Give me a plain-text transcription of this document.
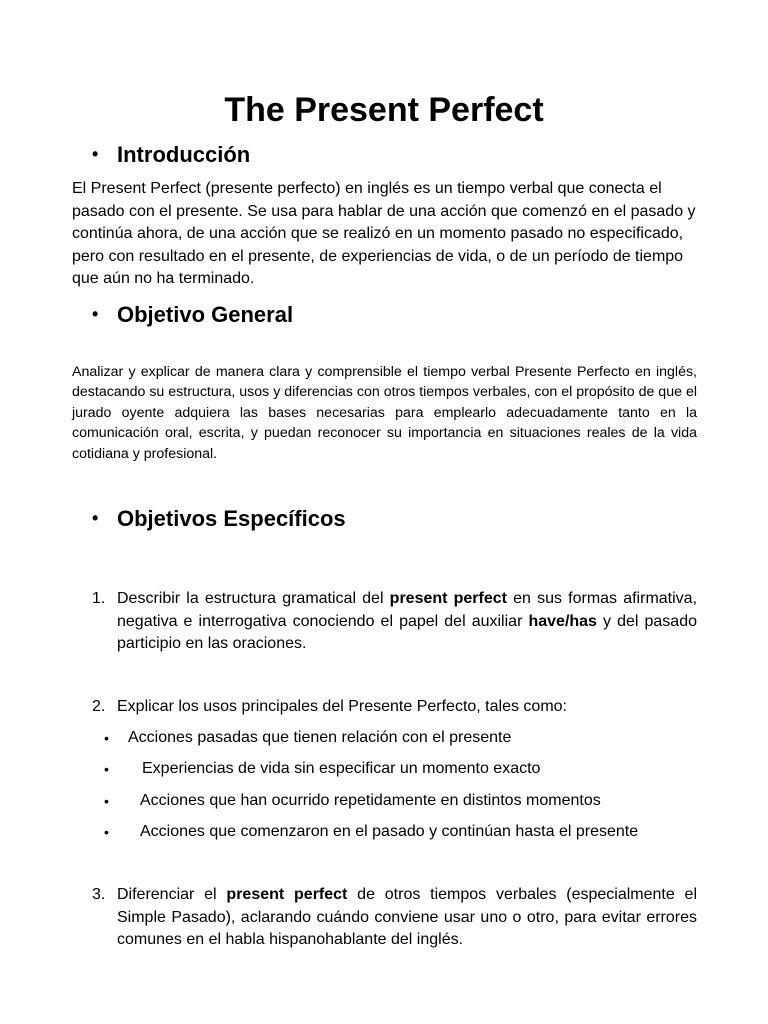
The Present Perfect
• Introducción
El Present Perfect (presente perfecto) en inglés es un tiempo verbal que conecta el pasado con el presente. Se usa para hablar de una acción que comenzó en el pasado y continúa ahora, de una acción que se realizó en un momento pasado no especificado, pero con resultado en el presente, de experiencias de vida, o de un período de tiempo que aún no ha terminado.
• Objetivo General
Analizar y explicar de manera clara y comprensible el tiempo verbal Presente Perfecto en inglés, destacando su estructura, usos y diferencias con otros tiempos verbales, con el propósito de que el jurado oyente adquiera las bases necesarias para emplearlo adecuadamente tanto en la comunicación oral, escrita, y puedan reconocer su importancia en situaciones reales de la vida cotidiana y profesional.
• Objetivos Específicos
1. Describir la estructura gramatical del present perfect en sus formas afirmativa, negativa e interrogativa conociendo el papel del auxiliar have/has y del pasado participio en las oraciones.
2. Explicar los usos principales del Presente Perfecto, tales como:
• Acciones pasadas que tienen relación con el presente
• Experiencias de vida sin especificar un momento exacto
• Acciones que han ocurrido repetidamente en distintos momentos
• Acciones que comenzaron en el pasado y continúan hasta el presente
3. Diferenciar el present perfect de otros tiempos verbales (especialmente el Simple Pasado), aclarando cuándo conviene usar uno o otro, para evitar errores comunes en el habla hispanohablante del inglés.
